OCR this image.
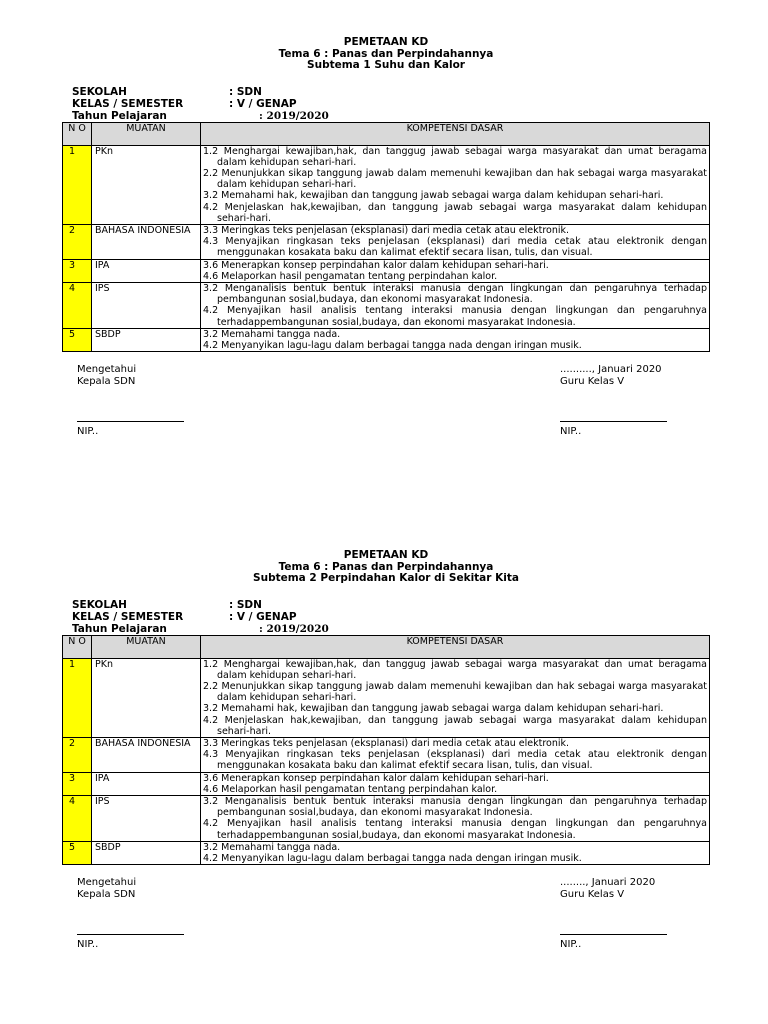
PEMETAAN KD
Tema 6 : Panas dan Perpindahannya
Subtema 1 Suhu dan Kalor
SEKOLAH	: SDN
KELAS / SEMESTER	: V / GENAP
Tahun Pelajaran	: 2019/2020
N O	MUATAN	KOMPETENSI DASAR
1	PKn	1.2 Menghargai kewajiban,hak, dan tanggug jawab sebagai warga masyarakat dan umat beragama dalam kehidupan sehari-hari.
2.2 Menunjukkan sikap tanggung jawab dalam memenuhi kewajiban dan hak sebagai warga masyarakat dalam kehidupan sehari-hari.
3.2 Memahami hak, kewajiban dan tanggung jawab sebagai warga dalam kehidupan sehari-hari.
4.2 Menjelaskan hak,kewajiban, dan tanggung jawab sebagai warga masyarakat dalam kehidupan sehari-hari.

2	BAHASA INDONESIA	3.3 Meringkas teks penjelasan (eksplanasi) dari media cetak atau elektronik.
4.3 Menyajikan ringkasan teks penjelasan (eksplanasi) dari media cetak atau elektronik dengan menggunakan kosakata baku dan kalimat efektif secara lisan, tulis, dan visual.

3	IPA	3.6 Menerapkan konsep perpindahan kalor dalam kehidupan sehari-hari.
4.6 Melaporkan hasil pengamatan tentang perpindahan kalor.

4	IPS	3.2 Menganalisis bentuk bentuk interaksi manusia dengan lingkungan dan pengaruhnya terhadap pembangunan sosial,budaya, dan ekonomi masyarakat Indonesia.
4.2 Menyajikan hasil analisis tentang interaksi manusia dengan lingkungan dan pengaruhnya terhadappembangunan sosial,budaya, dan ekonomi masyarakat Indonesia.

5	SBDP	3.2 Memahami tangga nada.
4.2 Menyanyikan lagu-lagu dalam berbagai tangga nada dengan iringan musik.
Mengetahui
Kepala SDN
.........., Januari 2020
Guru Kelas V
NIP..	NIP..
PEMETAAN KD
Tema 6 : Panas dan Perpindahannya
Subtema 2 Perpindahan Kalor di Sekitar Kita
SEKOLAH	: SDN
KELAS / SEMESTER	: V / GENAP
Tahun Pelajaran	: 2019/2020
N O	MUATAN	KOMPETENSI DASAR
1	PKn	1.2 Menghargai kewajiban,hak, dan tanggug jawab sebagai warga masyarakat dan umat beragama dalam kehidupan sehari-hari.
2.2 Menunjukkan sikap tanggung jawab dalam memenuhi kewajiban dan hak sebagai warga masyarakat dalam kehidupan sehari-hari.
3.2 Memahami hak, kewajiban dan tanggung jawab sebagai warga dalam kehidupan sehari-hari.
4.2 Menjelaskan hak,kewajiban, dan tanggung jawab sebagai warga masyarakat dalam kehidupan sehari-hari.

2	BAHASA INDONESIA	3.3 Meringkas teks penjelasan (eksplanasi) dari media cetak atau elektronik.
4.3 Menyajikan ringkasan teks penjelasan (eksplanasi) dari media cetak atau elektronik dengan menggunakan kosakata baku dan kalimat efektif secara lisan, tulis, dan visual.

3	IPA	3.6 Menerapkan konsep perpindahan kalor dalam kehidupan sehari-hari.
4.6 Melaporkan hasil pengamatan tentang perpindahan kalor.

4	IPS	3.2 Menganalisis bentuk bentuk interaksi manusia dengan lingkungan dan pengaruhnya terhadap pembangunan sosial,budaya, dan ekonomi masyarakat Indonesia.
4.2 Menyajikan hasil analisis tentang interaksi manusia dengan lingkungan dan pengaruhnya terhadappembangunan sosial,budaya, dan ekonomi masyarakat Indonesia.

5	SBDP	3.2 Memahami tangga nada.
4.2 Menyanyikan lagu-lagu dalam berbagai tangga nada dengan iringan musik.
Mengetahui
Kepala SDN
........, Januari 2020
Guru Kelas V
NIP..	NIP..
